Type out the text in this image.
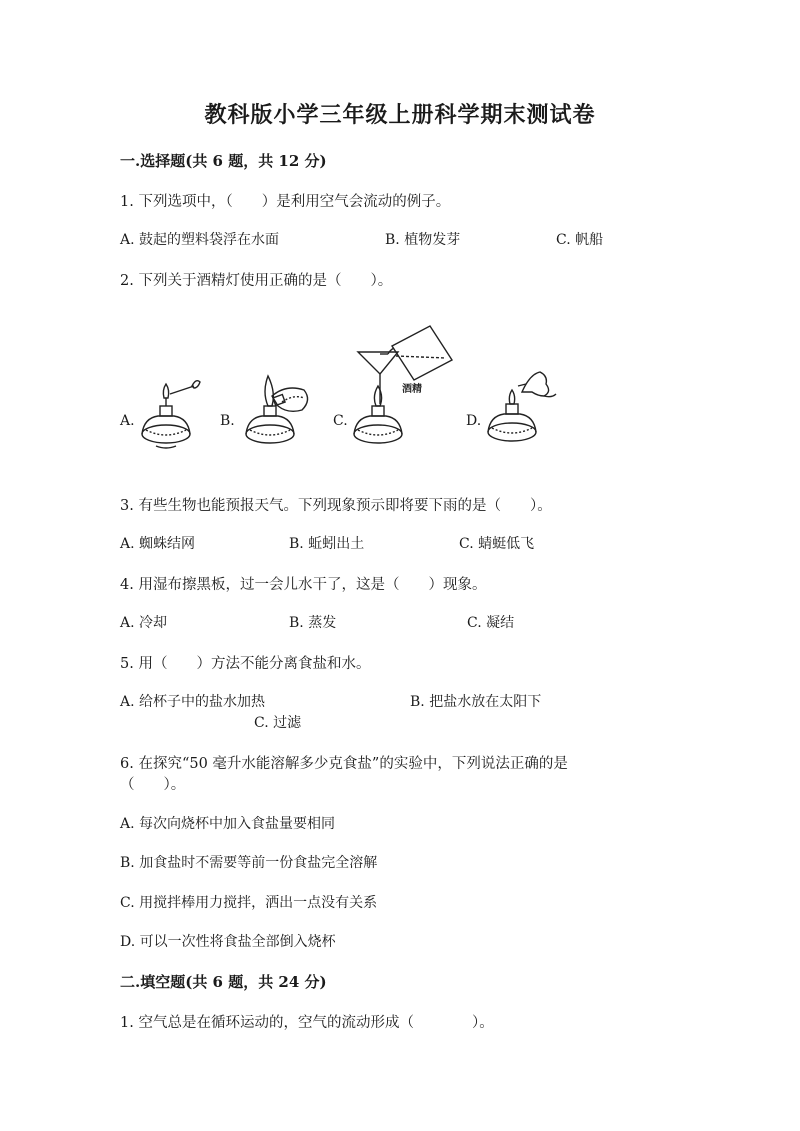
教科版小学三年级上册科学期末测试卷
一.选择题(共 6 题，共 12 分)
1. 下列选项中，（　　）是利用空气会流动的例子。
A. 鼓起的塑料袋浮在水面	B. 植物发芽	C. 帆船
2. 下列关于酒精灯使用正确的是（　　）。
A.	B.	C.	D.
酒精
3. 有些生物也能预报天气。下列现象预示即将要下雨的是（　　）。
A. 蜘蛛结网	B. 蚯蚓出土	C. 蜻蜓低飞
4. 用湿布擦黑板，过一会儿水干了，这是（　　）现象。
A. 冷却	B. 蒸发	C. 凝结
5. 用（　　）方法不能分离食盐和水。
A. 给杯子中的盐水加热	B. 把盐水放在太阳下
C. 过滤
6. 在探究“50 毫升水能溶解多少克食盐”的实验中，下列说法正确的是
（　　）。
A. 每次向烧杯中加入食盐量要相同
B. 加食盐时不需要等前一份食盐完全溶解
C. 用搅拌棒用力搅拌，洒出一点没有关系
D. 可以一次性将食盐全部倒入烧杯
二.填空题(共 6 题，共 24 分)
1. 空气总是在循环运动的，空气的流动形成（　　　　）。
